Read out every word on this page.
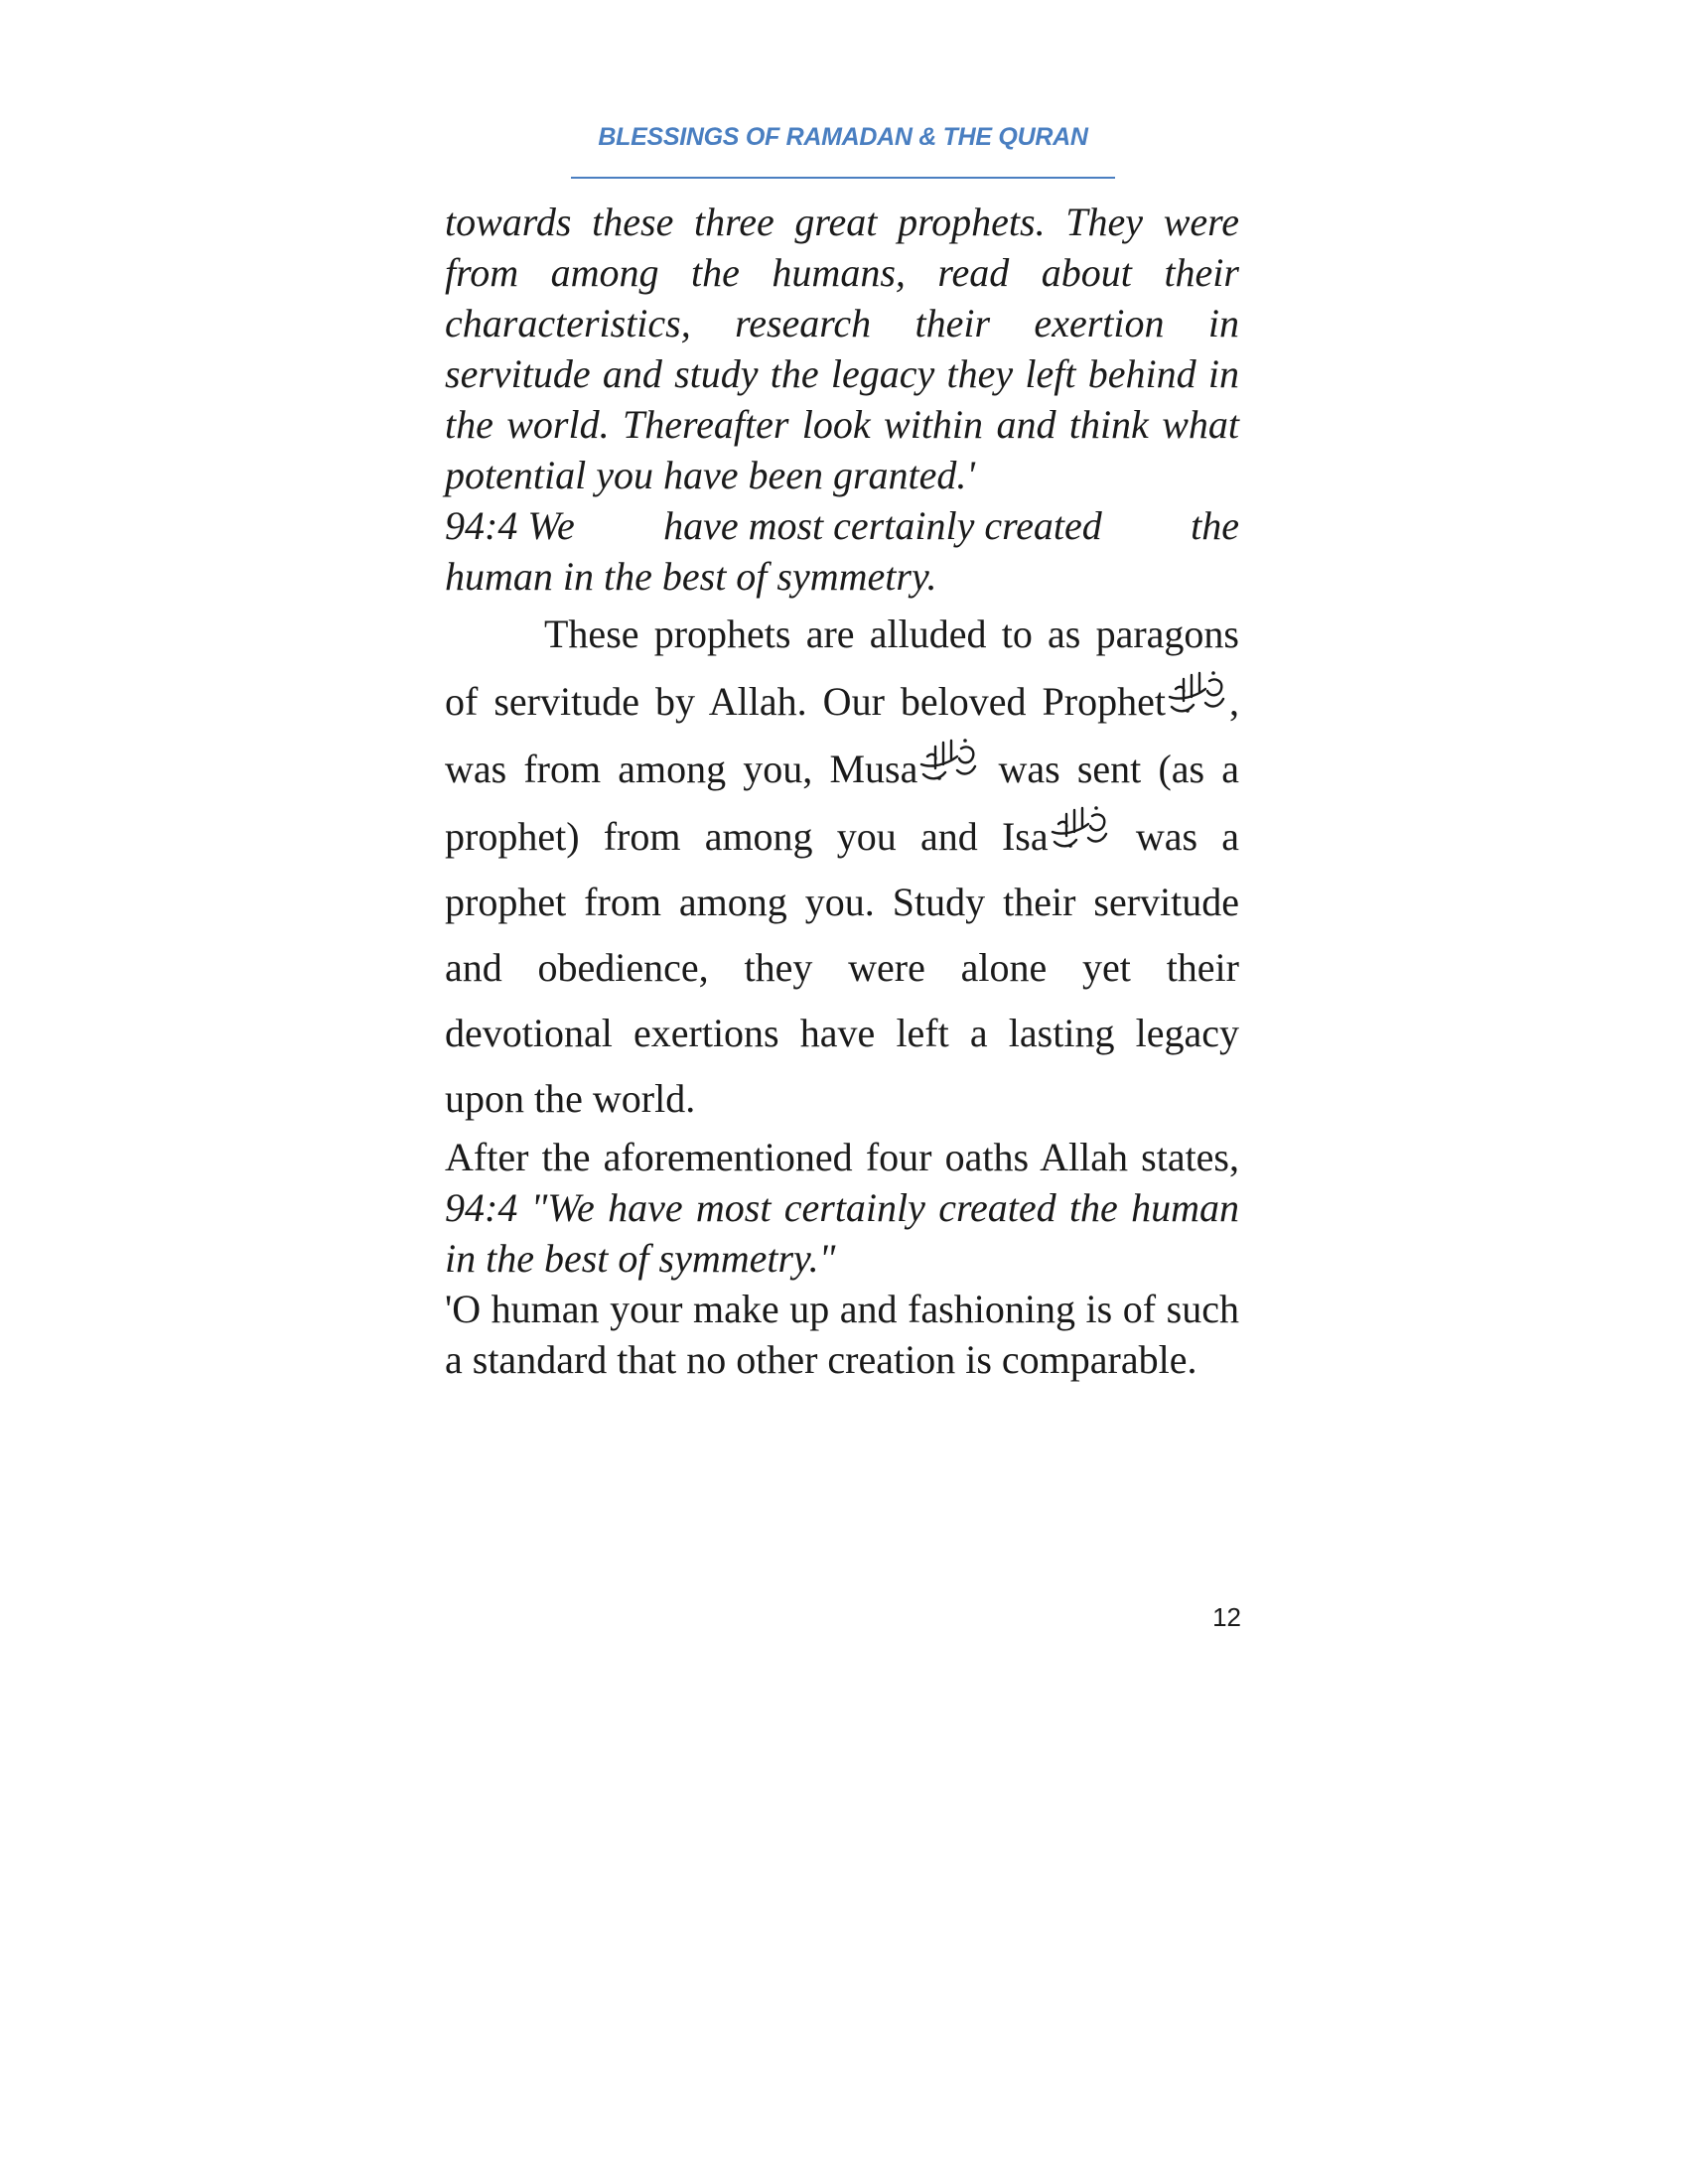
BLESSINGS OF RAMADAN & THE QURAN

towards these three great prophets. They were from among the humans, read about their characteristics, research their exertion in servitude and study the legacy they left behind in the world. Thereafter look within and think what potential you have been granted.'

94:4 We have most certainly created the

human in the best of symmetry.

These prophets are alluded to as paragons of servitude by Allah. Our beloved Prophet , was from among you, Musa
was sent (as a prophet) from among you and Isa
was a prophet from among you. Study their servitude and obedience, they were alone yet their devotional exertions have left a lasting legacy upon the world.

After the aforementioned four oaths Allah states, 94:4 "We have most certainly created the human in the best of symmetry."

'O human your make up and fashioning is of such a standard that no other creation is comparable.

12
